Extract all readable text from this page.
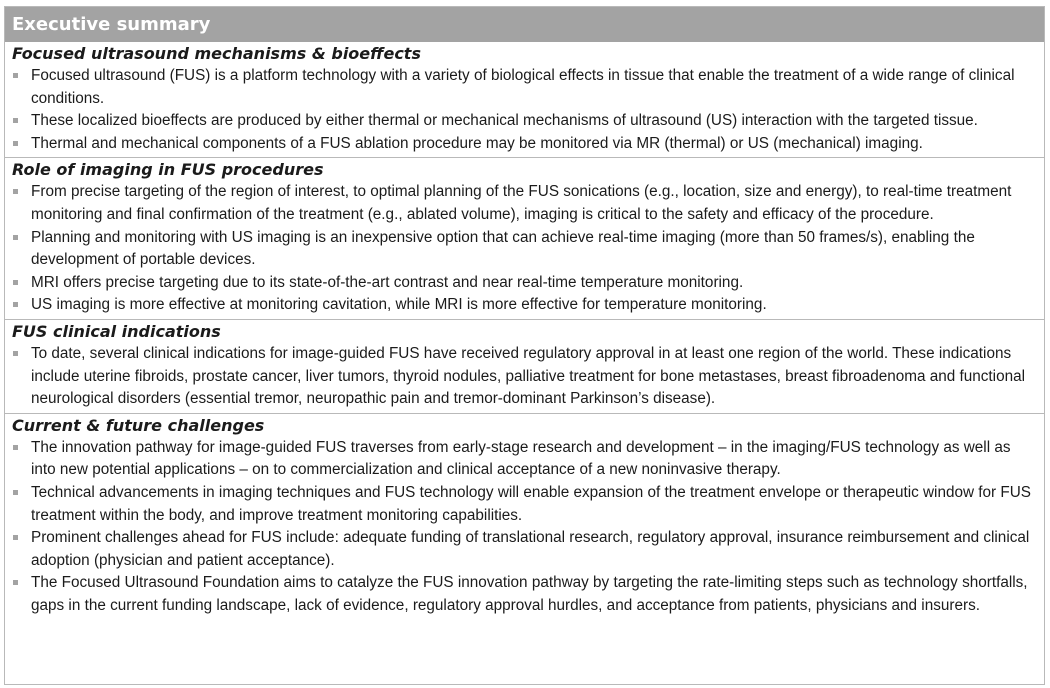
Executive summary
Focused ultrasound mechanisms & bioeffects
Focused ultrasound (FUS) is a platform technology with a variety of biological effects in tissue that enable the treatment of a wide range of clinical conditions.
These localized bioeffects are produced by either thermal or mechanical mechanisms of ultrasound (US) interaction with the targeted tissue.
Thermal and mechanical components of a FUS ablation procedure may be monitored via MR (thermal) or US (mechanical) imaging.
Role of imaging in FUS procedures
From precise targeting of the region of interest, to optimal planning of the FUS sonications (e.g., location, size and energy), to real-time treatment monitoring and final confirmation of the treatment (e.g., ablated volume), imaging is critical to the safety and efficacy of the procedure.
Planning and monitoring with US imaging is an inexpensive option that can achieve real-time imaging (more than 50 frames/s), enabling the development of portable devices.
MRI offers precise targeting due to its state-of-the-art contrast and near real-time temperature monitoring.
US imaging is more effective at monitoring cavitation, while MRI is more effective for temperature monitoring.
FUS clinical indications
To date, several clinical indications for image-guided FUS have received regulatory approval in at least one region of the world. These indications include uterine fibroids, prostate cancer, liver tumors, thyroid nodules, palliative treatment for bone metastases, breast fibroadenoma and functional neurological disorders (essential tremor, neuropathic pain and tremor-dominant Parkinson’s disease).
Current & future challenges
The innovation pathway for image-guided FUS traverses from early-stage research and development – in the imaging/FUS technology as well as into new potential applications – on to commercialization and clinical acceptance of a new noninvasive therapy.
Technical advancements in imaging techniques and FUS technology will enable expansion of the treatment envelope or therapeutic window for FUS treatment within the body, and improve treatment monitoring capabilities.
Prominent challenges ahead for FUS include: adequate funding of translational research, regulatory approval, insurance reimbursement and clinical adoption (physician and patient acceptance).
The Focused Ultrasound Foundation aims to catalyze the FUS innovation pathway by targeting the rate-limiting steps such as technology shortfalls, gaps in the current funding landscape, lack of evidence, regulatory approval hurdles, and acceptance from patients, physicians and insurers.
